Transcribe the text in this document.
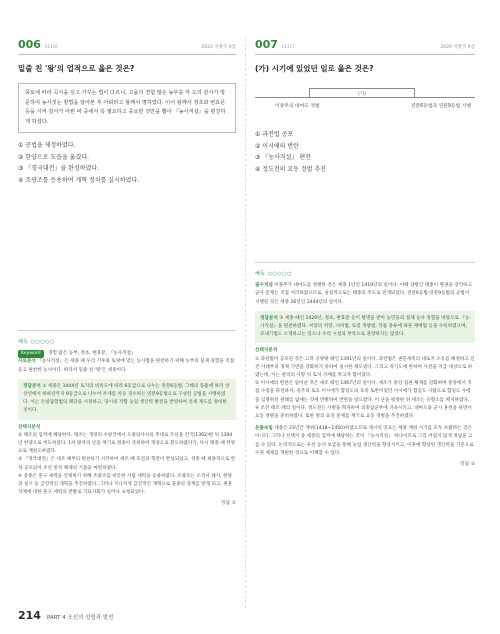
006 01116	2022 지방직 9급
밑줄 친 '왕'의 업적으로 옳은 것은?
풍토에 따라 곡식을 심고 가꾸는 법이 다르니, 고을의 경험 많은 농부를 각 도의 감사가 방문하여 농사짓는 방법을 알아본 후 아뢰라고 왕께서 명하였다. 이어 왕께서 정초와 변효문 등을 시켜 감사가 아뢴 바 중에서 꼭 필요하고 중요한 것만을 뽑아 『농사직설』을 편찬하게 하셨다.
① 공법을 제정하였다.
② 한양으로 도읍을 옮겼다.
③ 『경국대전』을 완성하였다.
④ 조광조를 등용하여 개혁 정치를 실시하였다.
007 01117	2020 지방직 9급
(가) 시기에 있었던 일로 옳은 것은?
(가)
이종무의 대마도 정벌	전분6등법과 연분9등법 시행
① 과전법 공포
② 이시애의 반란
③ 『농사직설』 편찬
④ 정도전의 요동 정벌 추진
해독 ○○○○○
Keyword 경험 많은 농부, 정초, 변효문, 『농사직설』
자료분석 『농사직설』은 세종 때 우리 기후와 토양에 맞는 농사법을 편찬하기 위해 농부의 실제 경험을 직접 듣고 편찬한 농서이다. 따라서 밑줄 친 '왕'은 세종이다.
정답분석 ① 세종은 1444년 토지의 비옥도에 따라 6등급으로 나누는 전분6등법, 그해의 풍흉에 따라 상상년에서 하하년까지 9등급으로 나누어 조세를 차등 징수하는 연분9등법으로 구성된 공법을 시행하였다. 이는 손실답험법의 폐단을 시정하고, 당시의 작황 농업 생산력 발전을 반영하여 전세 제도를 정비한 것이다.
선택지분석
② 태조의 업적에 해당한다. 태조는 개경의 수창궁에서 도평의사사의 추대로 조선을 건국(1392)한 뒤 1394년 한양으로 천도하였다. 1차 왕자의 난을 계기로 정종이 즉위하여 개경으로 환도하였다가, 다시 태종 때 한양으로 재천도하였다.
③ 『경국대전』은 세조 때부터 편찬하기 시작하여 세조 때 호전과 형전이 완성되었고, 성종 때 최종적으로 완성·공포되어 조선 통치 체제의 기틀을 마련하였다.
④ 중종은 훈구 세력을 견제하기 위해 조광조를 비롯한 사림 세력을 등용하였다. 조광조는 소격서 폐지, 현량과 실시 등 급진적인 개혁을 추진하였다. 그러나 지나치게 급진적인 개혁으로 중종의 경계를 받게 되고, 위훈 삭제에 대한 훈구 세력의 반발로 기묘사화가 일어나 숙청되었다.
정답 ①
해독 ○○○○○
필수개념 이종무가 대마도를 정벌한 것은 세종 1년인 1419년의 일이다. 이때 상왕인 태종이 병권을 장악하고 군사 문제는 직접 처리하였으므로, 실질적으로는 태종의 주도로 전개되었다. 전분6등법·연분9등법의 공법이 시행된 것은 세종 26년인 1444년의 일이다.
정답분석 ③ 세종 때인 1429년, 정초, 변효문 등이 왕명을 받아 농민들의 실제 농사 경험을 바탕으로 『농사직설』을 편찬하였다. 씨앗의 저장, 시비법, 토질 개량법, 작물 종류에 따른 재배법 등을 수록하였으며, 모내기법도 소개하고는 있으나 수리 시설의 부족으로 권장하지는 않았다.
선택지분석
① 과전법이 공포된 것은 고려 공양왕 때인 1391년의 일이다. 과전법은 권문세족의 대토지 소유를 해결하고 신진 사대부의 경제 기반을 강화하기 위하여 실시한 제도였다. 그리고 경기도에 한하여 사전을 지급 대상으로 하였는데, 이는 관리의 사망 뒤 토지 지배를 막고자 함이었다.
② 이시애의 반란은 일어난 것은 세조 때인 1467년의 일이다. 세조가 중앙 집권 체제를 강화하며 중앙에서 직접 수령을 파견하자, 길주의 토호 이시애가 함길도의 호족 토반이었던 이시애가 함길도 사람으로 함길도 수령을 임명하던 관례를 없애는 것에 반발하여 반란을 일으켰다. 이 난을 평정한 뒤 세조는 유향소를 폐지하였다.
④ 조선 태조 때의 일이다. 정도전은 사병을 혁파하여 의흥삼군부에 귀속시키고, 대마도와 군사 훈련을 하면서 요동 정벌을 준비하였다. 또한 명의 표전 문제를 계기로 요동 정벌을 추진하였다.
문풀속팁 세종은 23년간 재위(1418~1450)하였으므로 제시된 연표는 세종 재위 시기를 모두 포괄하는 것은 아니다. 그러나 선택지 중 세종의 업적에 해당하는 것이 『농사직설』 하나이므로 그리 어렵지 않게 정답을 고를 수 있다. 논리적으로는 우선 농서 보급을 통해 농업 생산력을 향상시키고, 이후에 향상된 생산력을 기준으로 수취 체제를 개편한 것으로 이해할 수 있다.
정답 ③
214 PART 4 조선의 성립과 발전
